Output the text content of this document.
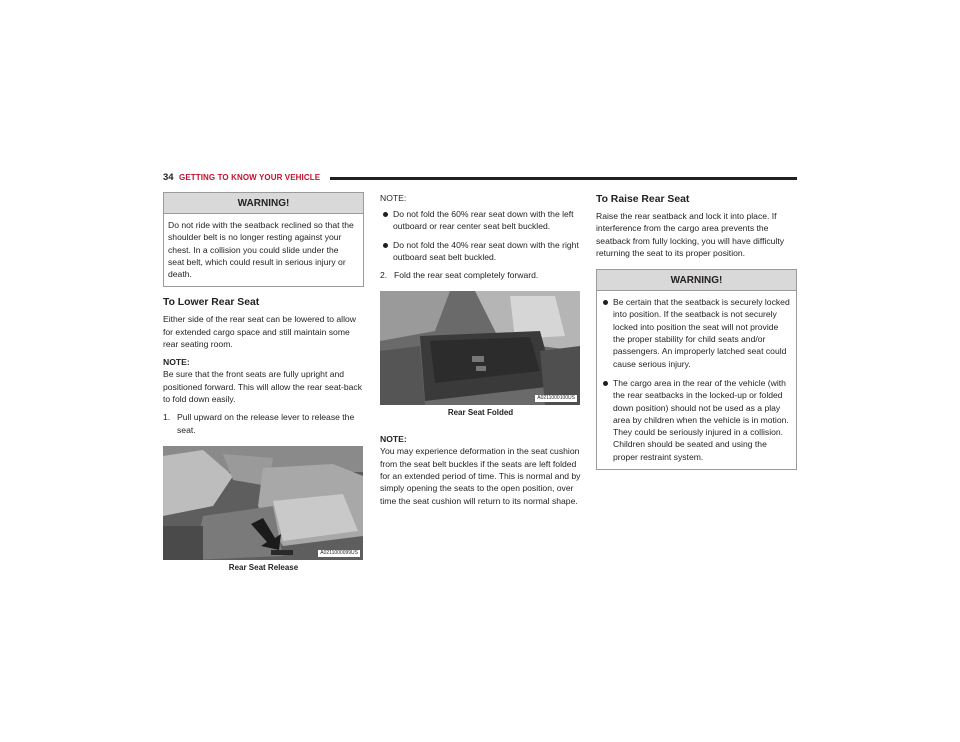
34 GETTING TO KNOW YOUR VEHICLE
WARNING!

Do not ride with the seatback reclined so that the shoulder belt is no longer resting against your chest. In a collision you could slide under the seat belt, which could result in serious injury or death.

To Lower Rear Seat

Either side of the rear seat can be lowered to allow for extended cargo space and still maintain some rear seating room.

NOTE:

Be sure that the front seats are fully upright and positioned forward. This will allow the rear seat-back to fold down easily.

1. Pull upward on the release lever to release the seat.
A0211000099US
Rear Seat Release

NOTE:

Do not fold the 60% rear seat down with the left outboard or rear center seat belt buckled.
Do not fold the 40% rear seat down with the right outboard seat belt buckled.
2. Fold the rear seat completely forward.
A0211000100US
Rear Seat Folded

NOTE:

You may experience deformation in the seat cushion from the seat belt buckles if the seats are left folded for an extended period of time. This is normal and by simply opening the seats to the open position, over time the seat cushion will return to its normal shape.

To Raise Rear Seat

Raise the rear seatback and lock it into place. If interference from the cargo area prevents the seatback from fully locking, you will have difficulty returning the seat to its proper position.

WARNING!
Be certain that the seatback is securely locked into position. If the seatback is not securely locked into position the seat will not provide the proper stability for child seats and/or passengers. An improperly latched seat could cause serious injury.
The cargo area in the rear of the vehicle (with the rear seatbacks in the locked-up or folded down position) should not be used as a play area by children when the vehicle is in motion. They could be seriously injured in a collision. Children should be seated and using the proper restraint system.
